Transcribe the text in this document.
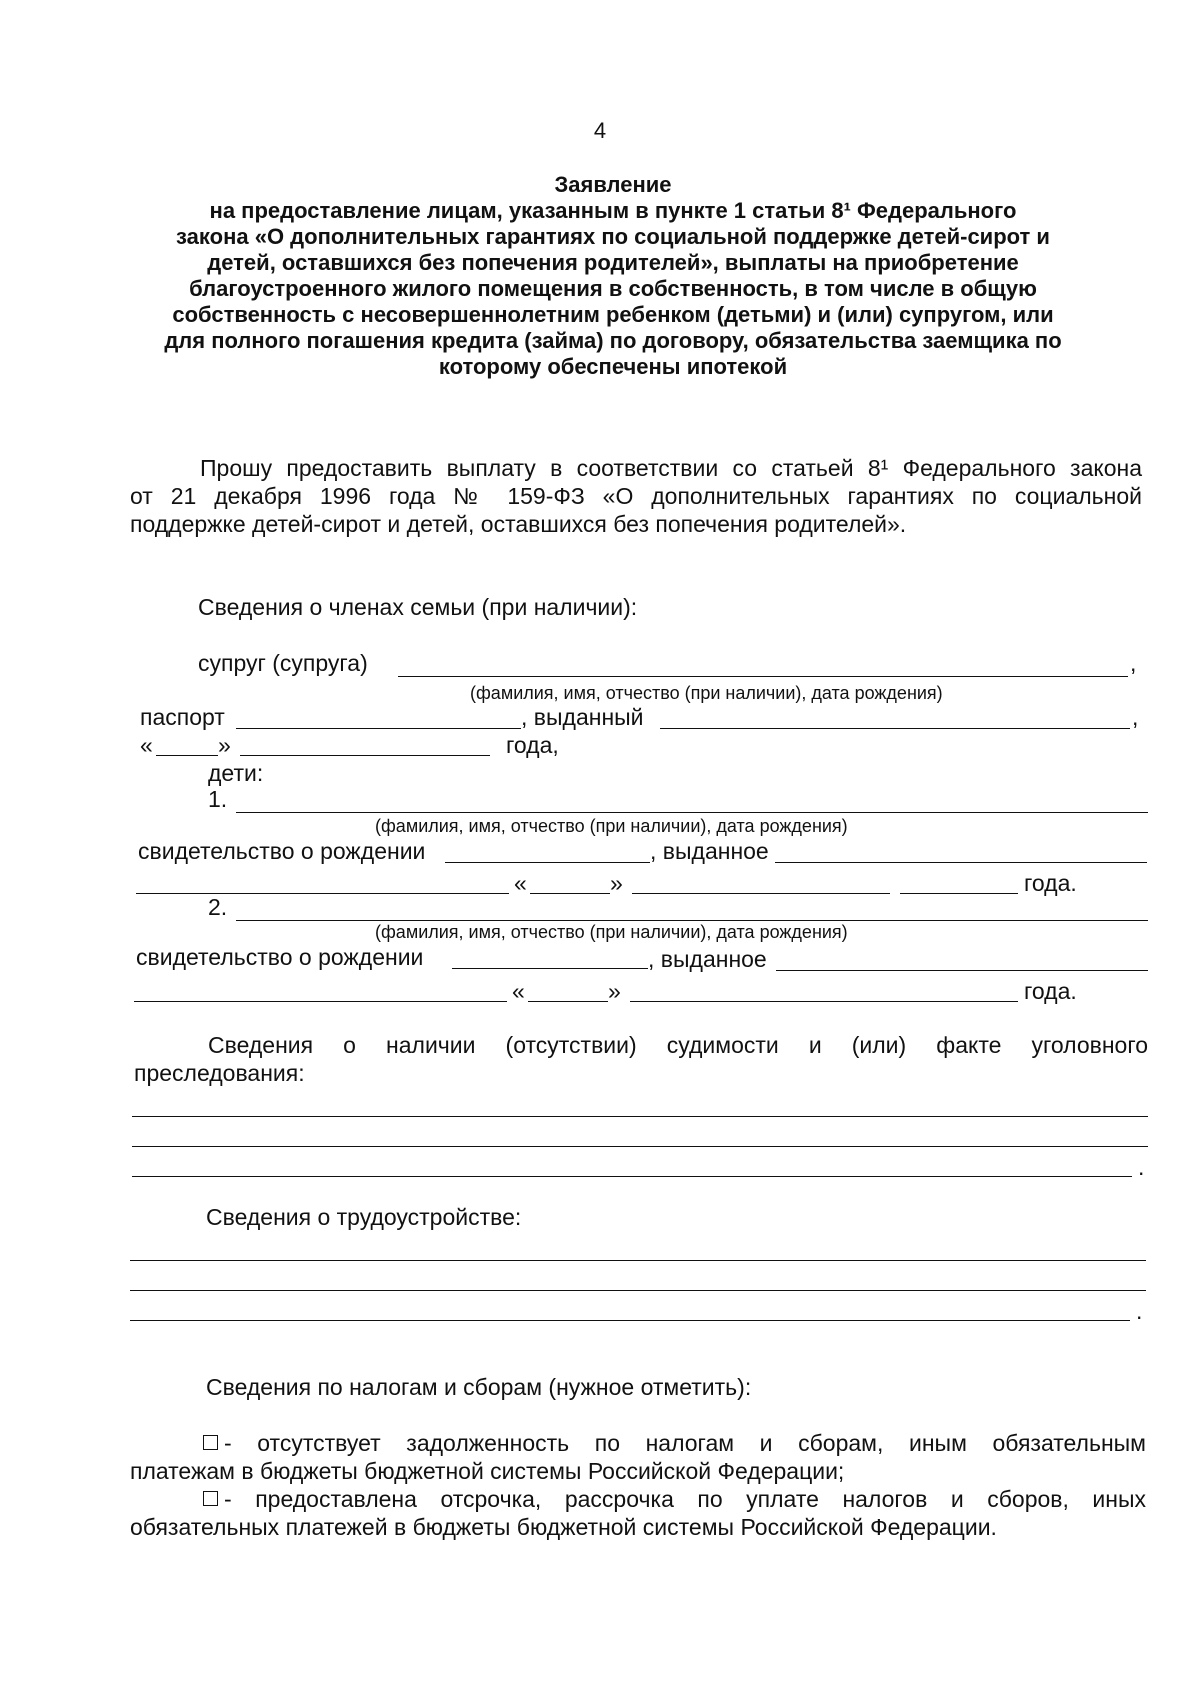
4
Заявление
на предоставление лицам, указанным в пункте 1 статьи 8¹ Федерального
закона «О дополнительных гарантиях по социальной поддержке детей-сирот и
детей, оставшихся без попечения родителей», выплаты на приобретение
благоустроенного жилого помещения в собственность, в том числе в общую
собственность с несовершеннолетним ребенком (детьми) и (или) супругом, или
для полного погашения кредита (займа) по договору, обязательства заемщика по
которому обеспечены ипотекой
Прошу предоставить выплату в соответствии со статьей 8¹ Федерального закона
от 21 декабря 1996 года № 159-ФЗ «О дополнительных гарантиях по социальной
поддержке детей-сирот и детей, оставшихся без попечения родителей».
Сведения о членах семьи (при наличии):
супруг (супруга)	,
(фамилия, имя, отчество (при наличии), дата рождения)
паспорт	, выданный	,
«	»	года,
дети:
1.
(фамилия, имя, отчество (при наличии), дата рождения)
свидетельство о рождении	, выданное
«	»	года.
2.
(фамилия, имя, отчество (при наличии), дата рождения)
свидетельство о рождении	, выданное
«	»	года.
Сведения о наличии (отсутствии) судимости и (или) факте уголовного
преследования:
.
Сведения о трудоустройстве:
.
Сведения по налогам и сборам (нужное отметить):
- отсутствует задолженность по налогам и сборам, иным обязательным
платежам в бюджеты бюджетной системы Российской Федерации;
- предоставлена отсрочка, рассрочка по уплате налогов и сборов, иных
обязательных платежей в бюджеты бюджетной системы Российской Федерации.
